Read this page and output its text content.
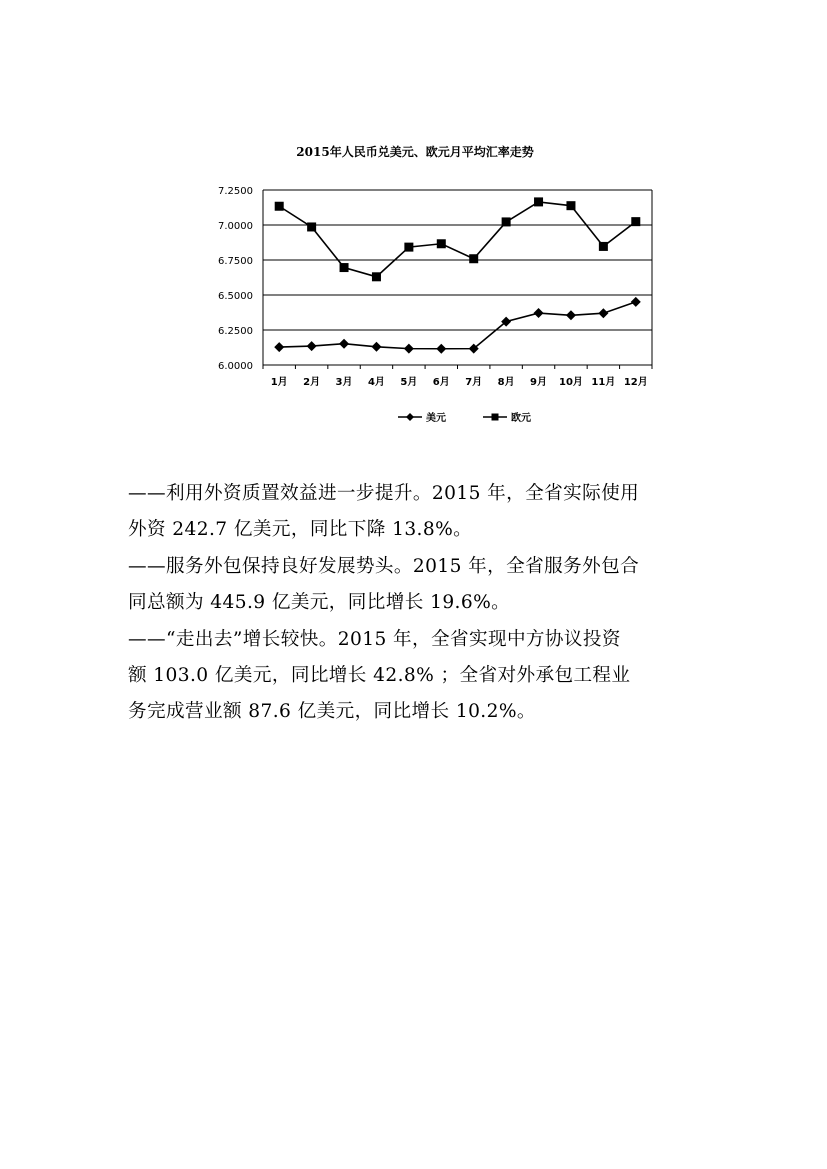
2015年人民币兑美元、欧元月平均汇率走势
6.0000
6.2500
6.5000
6.7500
7.0000
7.2500
1月 2月 3月 4月 5月 6月 7月 8月 9月 10月 11月 12月
美元	欧元

——利用外资质置效益进一步提升。2015 年，全省实际使用
外资 242.7 亿美元，同比下降 13.8%。

——服务外包保持良好发展势头。2015 年，全省服务外包合
同总额为 445.9 亿美元，同比增长 19.6%。

——“走出去”增长较快。2015 年，全省实现中方协议投资
额 103.0 亿美元，同比增长 42.8% ；全省对外承包工程业
务完成营业额 87.6 亿美元，同比增长 10.2%。
